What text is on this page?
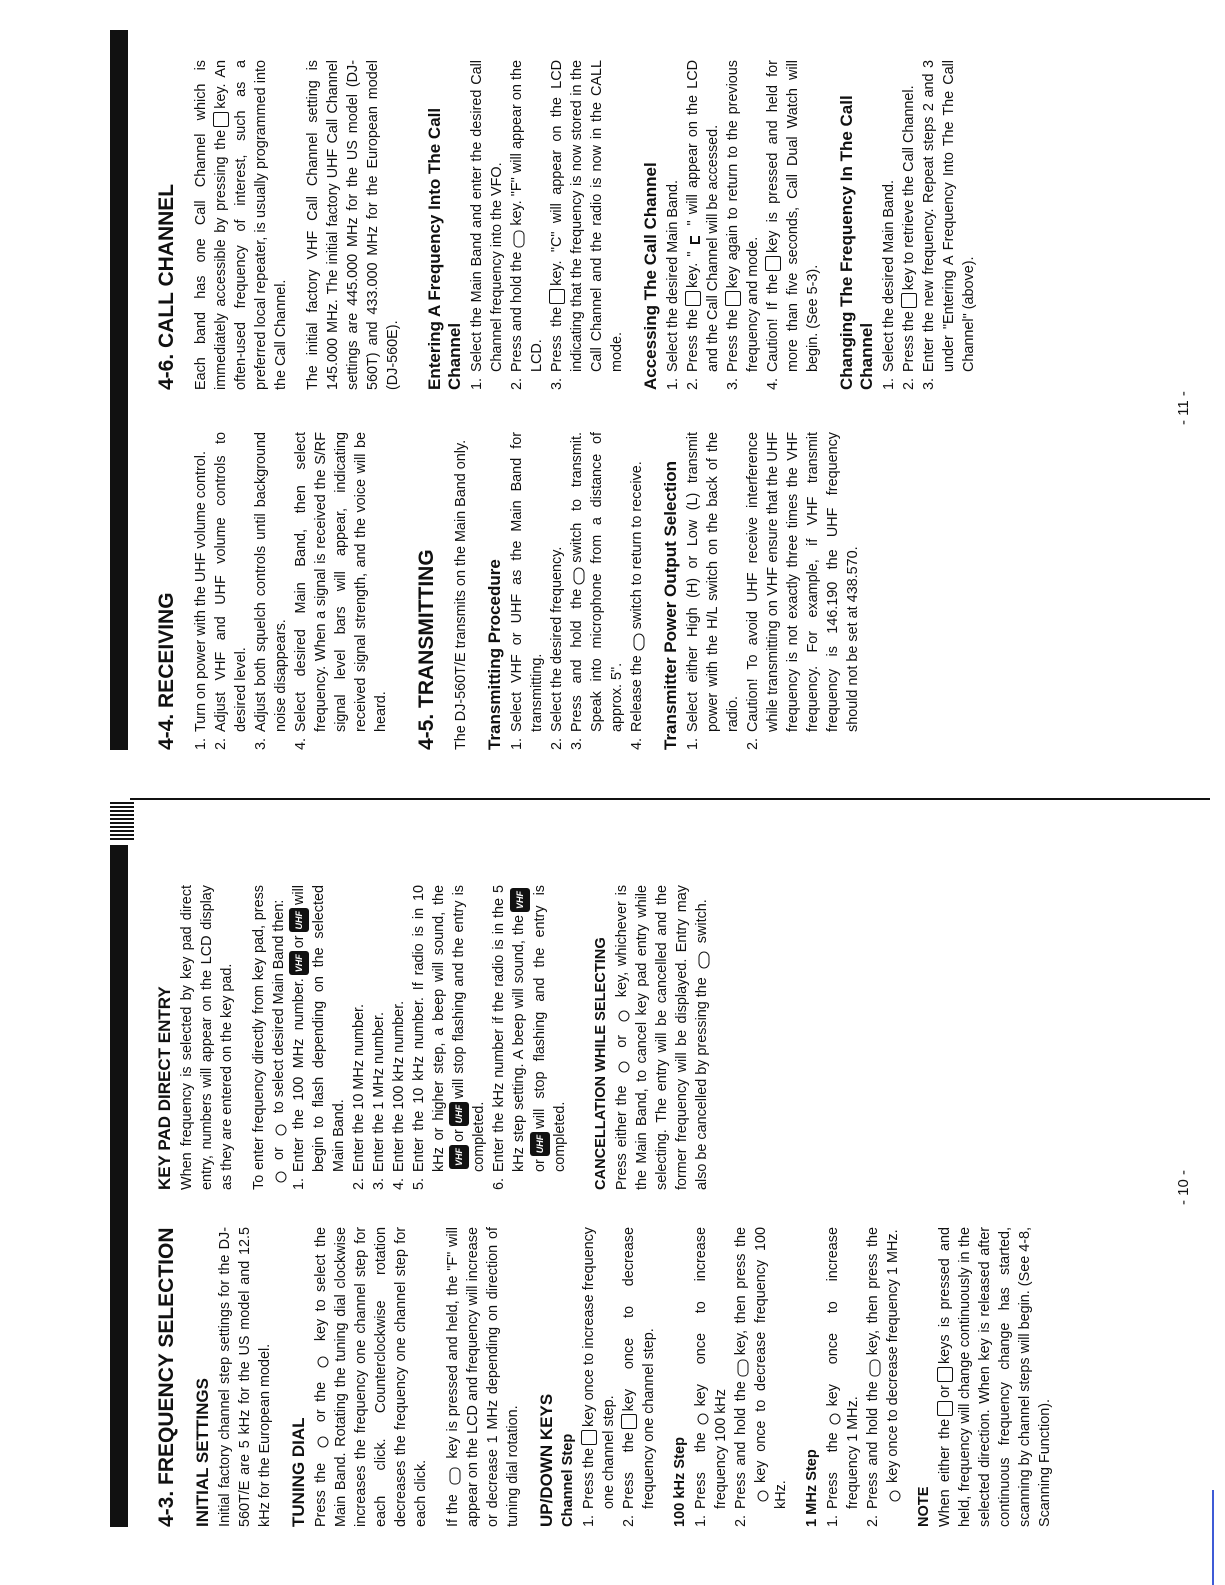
4-3. FREQUENCY SELECTION INITIAL SETTINGS Initial factory channel step settings for the DJ-560T/E are 5 kHz for the US model and 12.5 kHz for the European model. TUNING DIAL Press the  or the  key to select the Main Band. Rotating the tuning dial clockwise increases the frequency one channel step for each click. Counterclockwise rotation decreases the frequency one channel step for each click. If the  key is pressed and held, the "F" will appear on the LCD and frequency will increase or decrease 1 MHz depending on direction of tuning dial rotation. UP/DOWN KEYS Channel Step 1.
Press thekey once to increase frequency one channel step.
2.
Press thekey once to decrease frequency one channel step. 100 kHz Step 1.
Press thekey once to increase frequency 100 kHz
2.
Press and hold thekey, then press the key once to decrease frequency 100 kHz. 1 MHz Step 1.
Press thekey once to increase frequency 1 MHz.
2.
Press and hold thekey, then press the key once to decrease frequency 1 MHz.
NOTE When either theorkeys is pressed and held, frequency will change continuously in the selected direction. When key is released after continuous frequency change has started, scanning by channel steps will begin. (See 4-8, Scanning Function).

KEY PAD DIRECT ENTRY When frequency is selected by key pad direct entry, numbers will appear on the LCD display as they are entered on the key pad. To enter frequency directly from key pad, press or  to select desired Main Band then:

1.
Enter the 100 MHz number.VHForUHFwill begin to flash depending on the selected Main Band.
2.
Enter the 10 MHz number.
3.
Enter the 1 MHz number.
4.
Enter the 100 kHz number.
5.
Enter the 10 kHz number. If radio is in 10 kHz or higher step, a beep will sound, the VHForUHFwill stop flashing and the entry is completed.
6.
Enter the kHz number if the radio is in the 5 kHz step setting. A beep will sound, theVHForUHFwill stop flashing and the entry is completed. CANCELLATION WHILE SELECTING Press either the  or  key, whichever is the Main Band, to cancel key pad entry while selecting. The entry will be cancelled and the former frequency will be displayed. Entry may also be cancelled by pressing the  switch.

- 10 -
4-4. RECEIVING 1.
Turn on power with the UHF volume control.
2.
Adjust VHF and UHF volume controls to desired level.
3.
Adjust both squelch controls until background noise disappears.
4.
Select desired Main Band, then select frequency. When a signal is received the S/RF signal level bars will appear, indicating received signal strength, and the voice will be heard. 4-5. TRANSMITTING The DJ-560T/E transmits on the Main Band only. Transmitting Procedure 1.
Select VHF or UHF as the Main Band for transmitting.
2.
Select the desired frequency.
3.
Press and hold theswitch to transmit. Speak into microphone from a distance of approx. 5".
4.
Release theswitch to return to receive. Transmitter Power Output Selection 1.
Select either High (H) or Low (L) transmit power with the H/L switch on the back of the radio.
2.
Caution! To avoid UHF receive interference while transmitting on VHF ensure that the UHF frequency is not exactly three times the VHF frequency. For example, if VHF transmit frequency is 146.190 the UHF frequency should not be set at 438.570.
4-6. CALL CHANNEL Each band has one Call Channel which is immediately accessible by pressing thekey. An often-used frequency of interest, such as a preferred local repeater, is usually programmed into the Call Channel. The initial factory VHF Call Channel setting is 145.000 MHz. The initial factory UHF Call Channel settings are 445.000 MHz for the US model (DJ-560T) and 433.000 MHz for the European model (DJ-560E). Entering A Frequency Into The Call Channel 1.
Select the Main Band and enter the desired Call Channel frequency into the VFO.
2.
Press and hold thekey. "F" will appear on the LCD.
3.
Press thekey. "C" will appear on the LCD indicating that the frequency is now stored in the Call Channel and the radio is now in the CALL mode. Accessing The Call Channel 1.
Select the desired Main Band.
2.
Press thekey. "" will appear on the LCD and the Call Channel will be accessed.
3.
Press thekey again to return to the previous frequency and mode.
4.
Caution! If thekey is pressed and held for more than five seconds, Call Dual Watch will begin. (See 5-3). Changing The Frequency In The Call Channel 1.
Select the desired Main Band.
2.
Press thekey to retrieve the Call Channel.
3.
Enter the new frequency. Repeat steps 2 and 3 under "Entering A Frequency Into The The Call Channel" (above).
- 11 -
